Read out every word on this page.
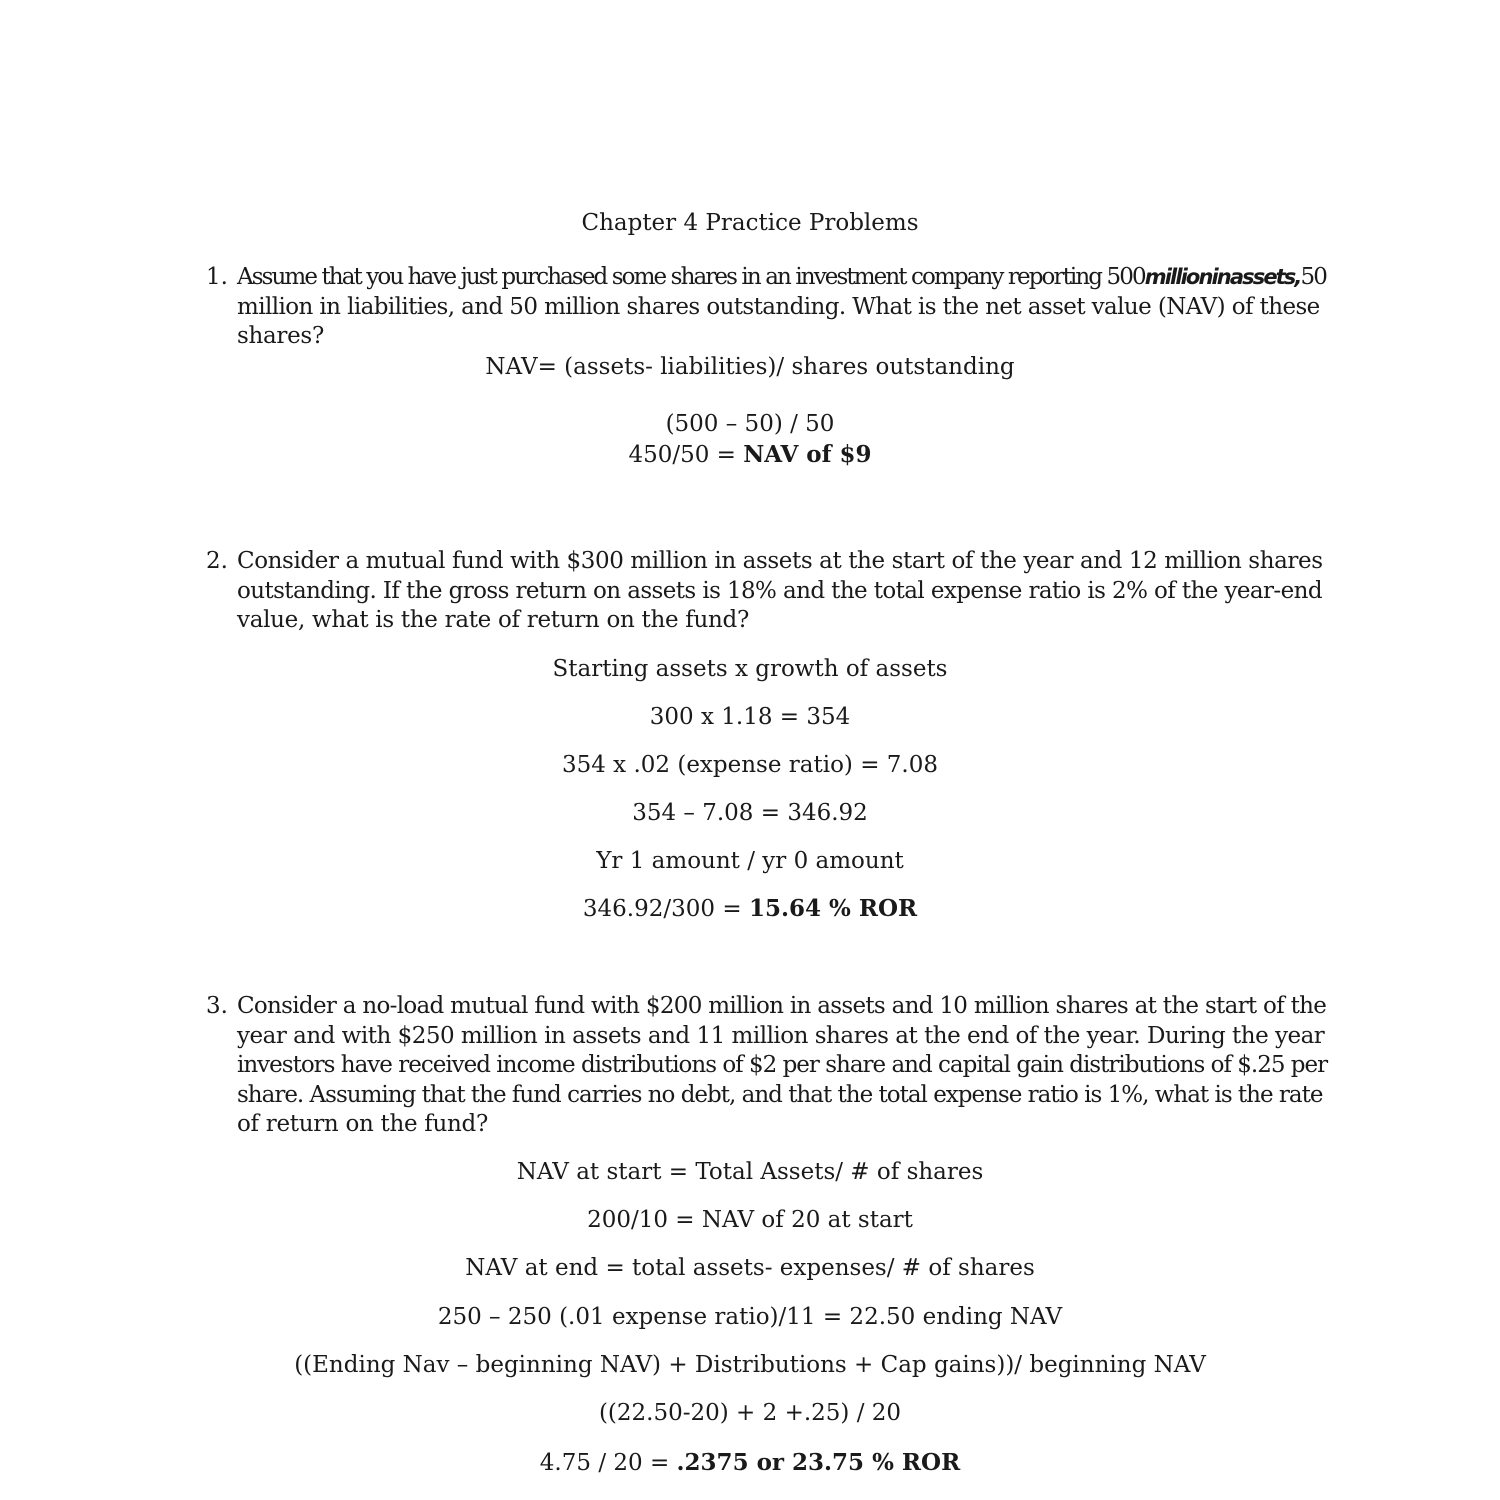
Chapter 4 Practice Problems
1. Assume that you have just purchased some shares in an investment company reporting 500millioninassets,50
million in liabilities, and 50 million shares outstanding. What is the net asset value (NAV) of these
shares?
NAV= (assets- liabilities)/ shares outstanding
(500 – 50) / 50
450/50 = NAV of $9
2. Consider a mutual fund with $300 million in assets at the start of the year and 12 million shares
outstanding. If the gross return on assets is 18% and the total expense ratio is 2% of the year-end
value, what is the rate of return on the fund?
Starting assets x growth of assets
300 x 1.18 = 354
354 x .02 (expense ratio) = 7.08
354 – 7.08 = 346.92
Yr 1 amount / yr 0 amount
346.92/300 = 15.64 % ROR
3. Consider a no-load mutual fund with $200 million in assets and 10 million shares at the start of the
year and with $250 million in assets and 11 million shares at the end of the year. During the year
investors have received income distributions of $2 per share and capital gain distributions of $.25 per
share. Assuming that the fund carries no debt, and that the total expense ratio is 1%, what is the rate
of return on the fund?
NAV at start = Total Assets/ # of shares
200/10 = NAV of 20 at start
NAV at end = total assets- expenses/ # of shares
250 – 250 (.01 expense ratio)/11 = 22.50 ending NAV
((Ending Nav – beginning NAV) + Distributions + Cap gains))/ beginning NAV
((22.50-20) + 2 +.25) / 20
4.75 / 20 = .2375 or 23.75 % ROR
